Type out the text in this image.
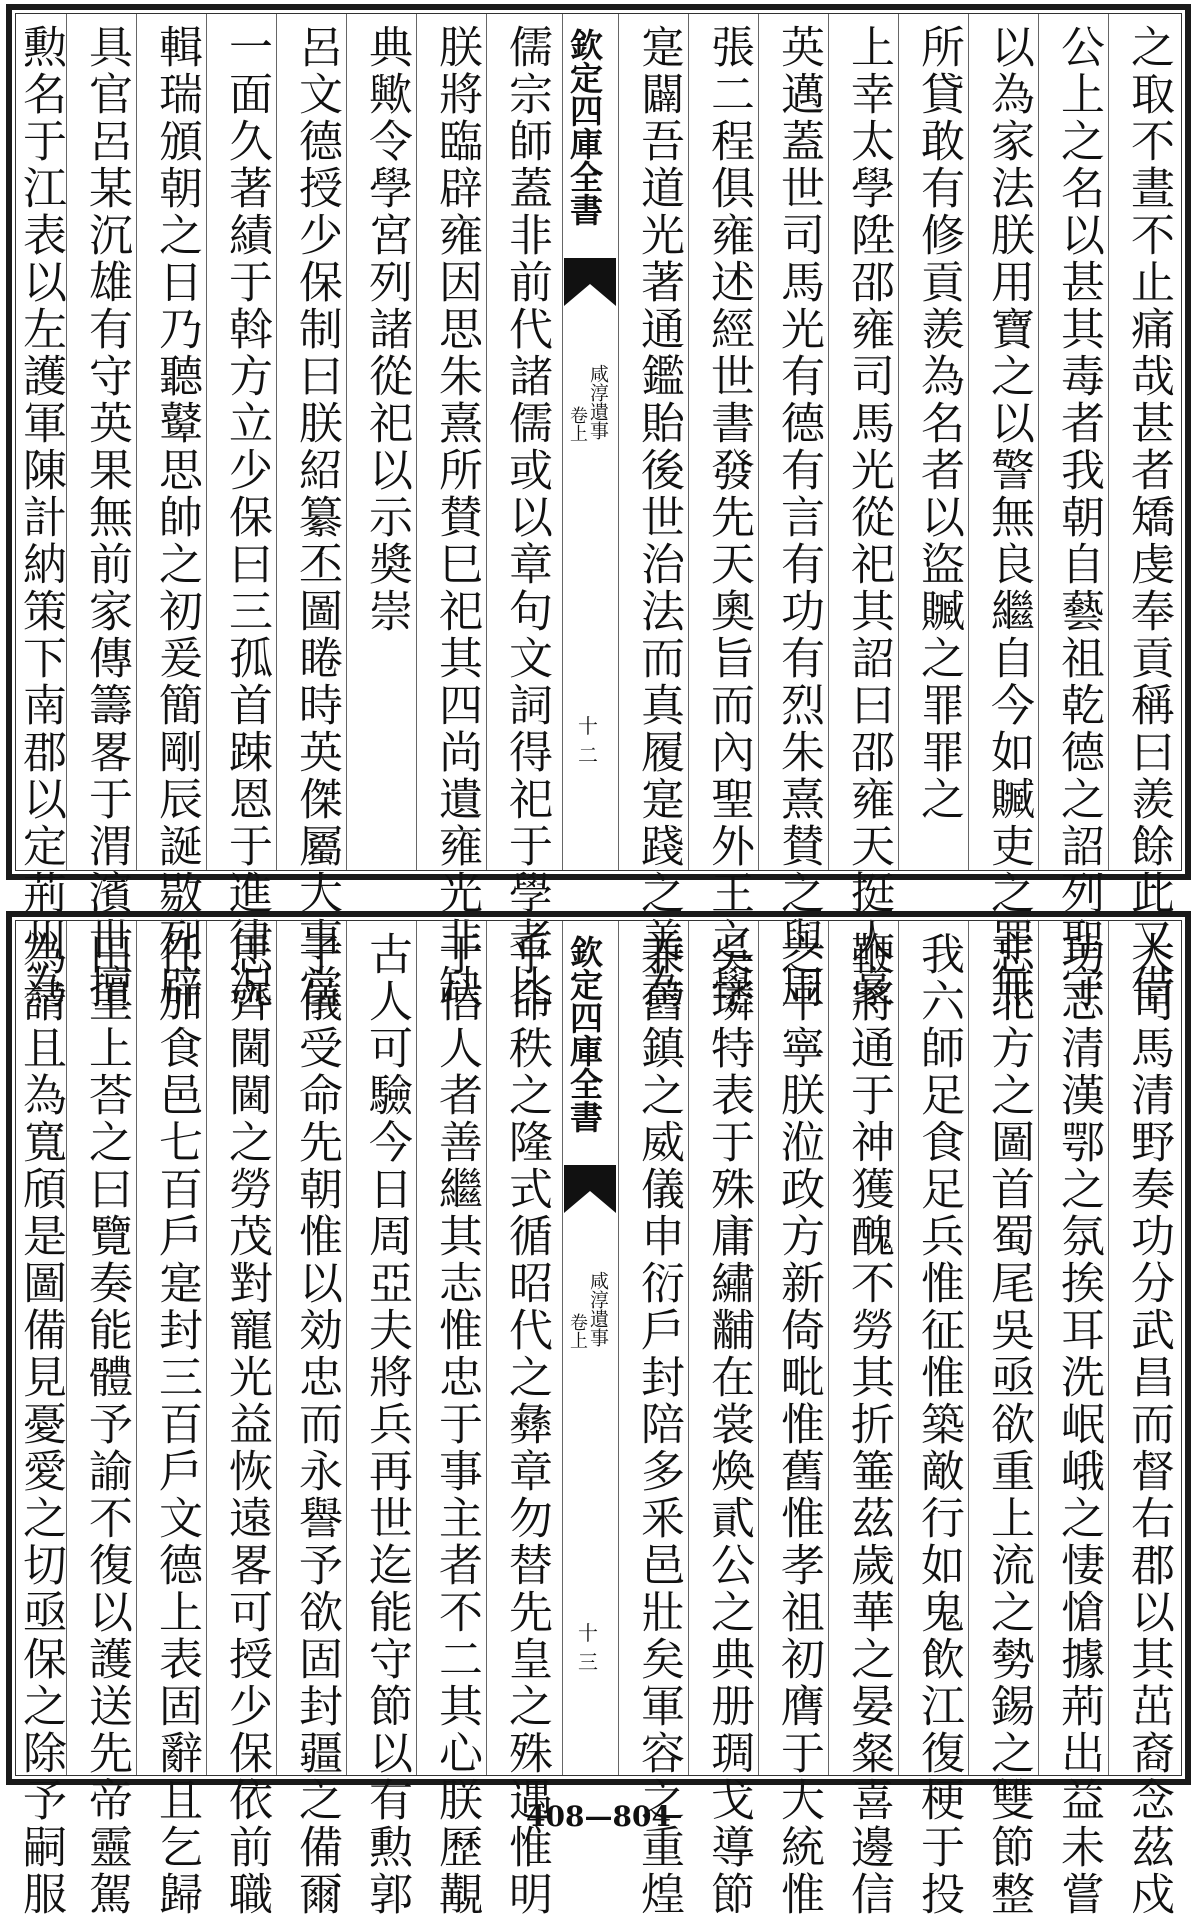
之取不晝不止痛哉甚者矯虔奉貢稱曰羨餘此又借
公上之名以甚其毒者我朝自藝祖乾德之詔列聖守
以為家法朕用寶之以警無良繼自今如贓吏之罪無
所貸敢有修貢羨為名者以盜贓之罪罪之
上幸太學陞邵雍司馬光從祀其詔曰邵雍天挺人豪
英邁蓋世司馬光有德有言有功有烈朱熹賛之與周
張二程俱雍述經世書發先天奧旨而內聖外王之學
寔闢吾道光著通鑑貽後世治法而真履寔踐之美為
欽定四庫全書
咸淳遺事
卷上
十二
儒宗師蓋非前代諸儒或以章句文詞得祀于學者比
朕將臨辟雍因思朱熹所賛巳祀其四尚遺雍光非缺
典歟令學宮列諸從祀以示奬崇
呂文德授少保制曰朕紹纂丕圖睠時英傑屬大事當
一面久著績于斡方立少保曰三孤首踈恩于進律况
輯瑞頒朝之日乃聽鼙思帥之初爰簡剛辰誕敭列辟
具官呂某沉雄有守英果無前家傳籌畧于渭濱世擅
勲名于江表以左護軍陳計納策下南郡以定荊州為
大司馬清野奏功分武昌而督右郡以其茁裔念茲戍
功志清漢鄂之氛挨耳洗岷峨之悽愴據荊出益未嘗
忘北方之圖首蜀尾吳亟欲重上流之勢錫之雙節整
我六師足食足兵惟征惟築敵行如鬼飲江復梗于投
鞭將通于神獲醜不勞其折箠茲歲華之晏粲喜邊信
之平寧朕涖政方新倚毗惟舊惟孝祖初膺于大統惟
吳璘特表于殊庸繡黼在裳煥貳公之典册琱戈導節
兼舊鎮之威儀申衍戶封陪多釆邑壯矣軍容之重煌
欽定四庫全書
咸淳遺事
卷上
十三
乎命秩之隆式循昭代之彝章勿替先皇之殊遇惟明
于信人者善繼其志惟忠于事主者不二其心朕歷覯
古人可驗今日周亞夫將兵再世迄能守節以有勲郭
子儀受命先朝惟以効忠而永譽予欲固封疆之備爾
思齊閫閫之勞茂對寵光益恢遠畧可授少保依前職
任加食邑七百戶寔封三百戶文德上表固辭且乞歸
田里上荅之曰覽奏能體予諭不復以護送先帝靈駕
為請且為寬頎是圖備見憂愛之切亟保之除予嗣服	408—804
